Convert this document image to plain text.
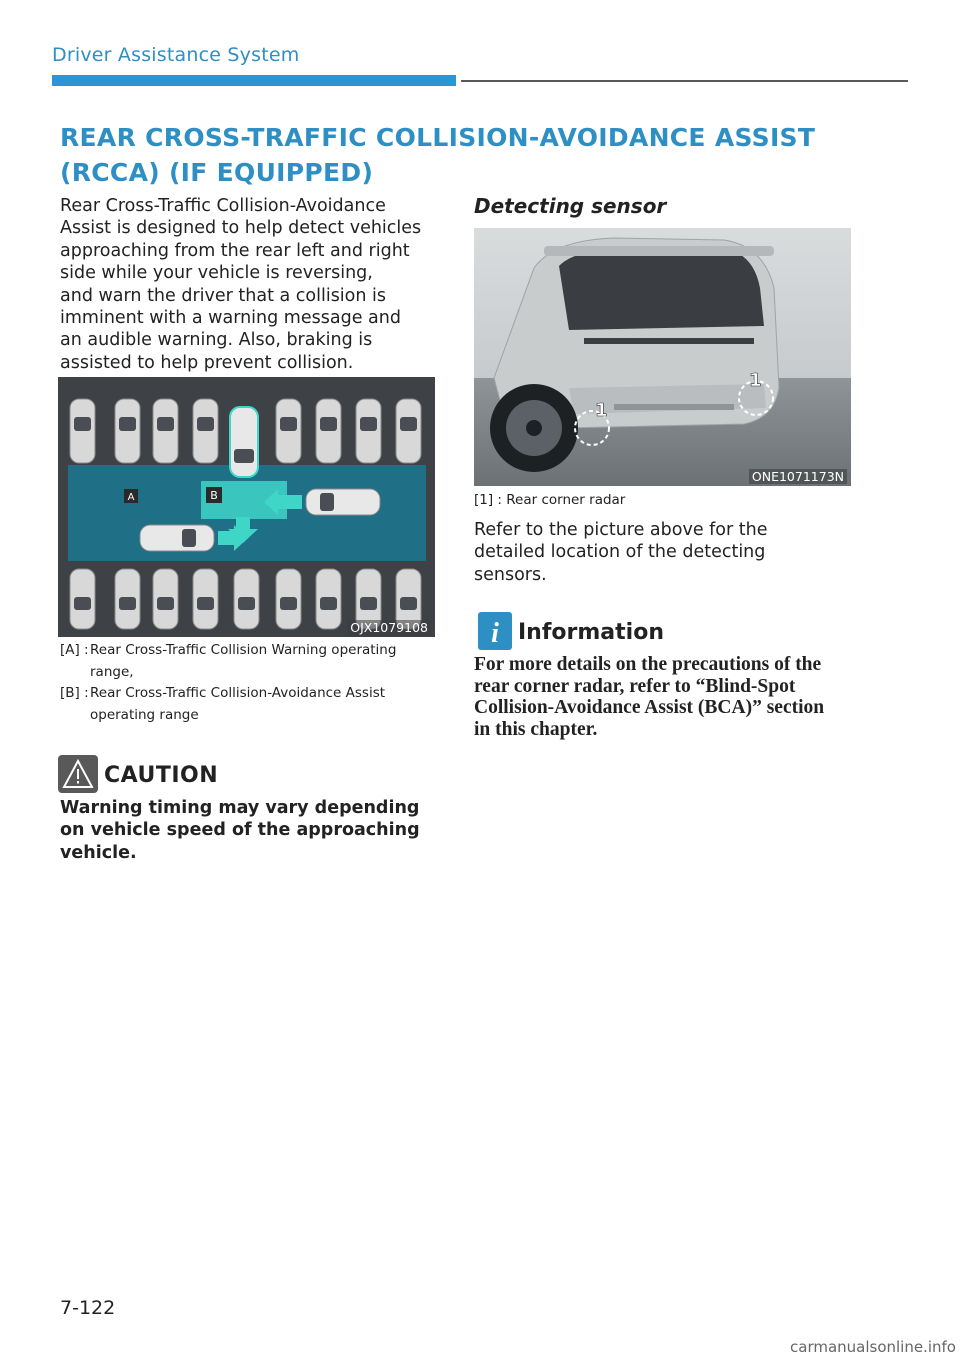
Driver Assistance System
REAR CROSS-TRAFFIC COLLISION-AVOIDANCE ASSIST
(RCCA) (IF EQUIPPED)
Rear Cross-Traffic Collision-Avoidance
Assist is designed to help detect vehicles
approaching from the rear left and right
side while your vehicle is reversing,
and warn the driver that a collision is
imminent with a warning message and
an audible warning. Also, braking is
assisted to help prevent collision.
A	B
OJX1079108
[A] : Rear Cross-Traffic Collision Warning operating
range,
[B] : Rear Cross-Traffic Collision-Avoidance Assist
operating range
CAUTION
Warning timing may vary depending
on vehicle speed of the approaching
vehicle.
Detecting sensor
1
1
ONE1071173N
[1] : Rear corner radar
Refer to the picture above for the
detailed location of the detecting
sensors.
i Information
For more details on the precautions of the
rear corner radar, refer to “Blind-Spot
Collision-Avoidance Assist (BCA)” section
in this chapter.
7-122
carmanualsonline.info
